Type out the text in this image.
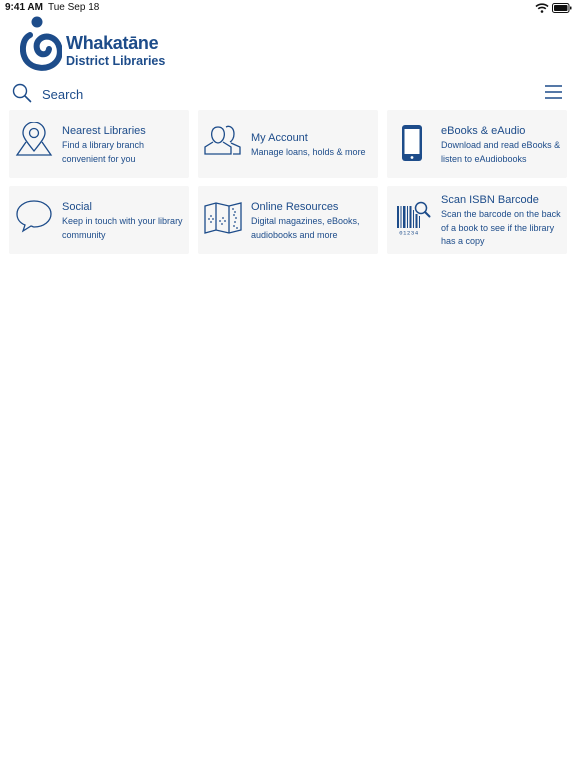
9:41 AM Tue Sep 18
Whakatāne
District Libraries
Search
Nearest Libraries
Find a library branch convenient for you
My Account
Manage loans, holds & more
eBooks & eAudio
Download and read eBooks & listen to eAudiobooks
Social
Keep in touch with your library community
Online Resources
Digital magazines, eBooks, audiobooks and more	01234
Scan ISBN Barcode
Scan the barcode on the back of a book to see if the library has a copy
